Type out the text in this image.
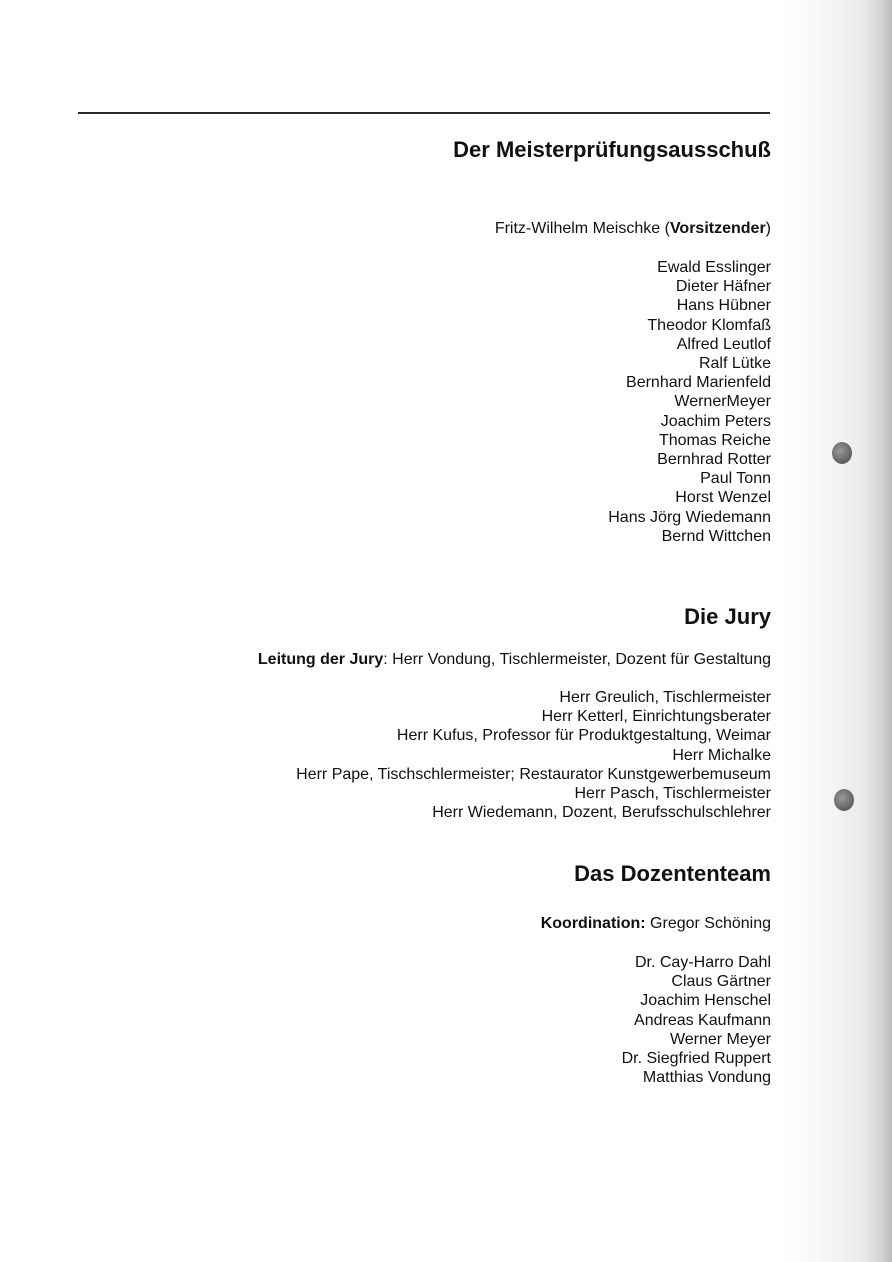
Der Meisterprüfungsausschuß
Fritz-Wilhelm Meischke (Vorsitzender)
Ewald Esslinger
Dieter Häfner
Hans Hübner
Theodor Klomfaß
Alfred Leutlof
Ralf Lütke
Bernhard Marienfeld
WernerMeyer
Joachim Peters
Thomas Reiche
Bernhrad Rotter
Paul Tonn
Horst Wenzel
Hans Jörg Wiedemann
Bernd Wittchen
Die Jury
Leitung der Jury: Herr Vondung, Tischlermeister, Dozent für Gestaltung
Herr Greulich, Tischlermeister
Herr Ketterl, Einrichtungsberater
Herr Kufus, Professor für Produktgestaltung, Weimar
Herr Michalke
Herr Pape, Tischschlermeister; Restaurator Kunstgewerbemuseum
Herr Pasch, Tischlermeister
Herr Wiedemann, Dozent, Berufsschulschlehrer
Das Dozententeam
Koordination: Gregor Schöning
Dr. Cay-Harro Dahl
Claus Gärtner
Joachim Henschel
Andreas Kaufmann
Werner Meyer
Dr. Siegfried Ruppert
Matthias Vondung
